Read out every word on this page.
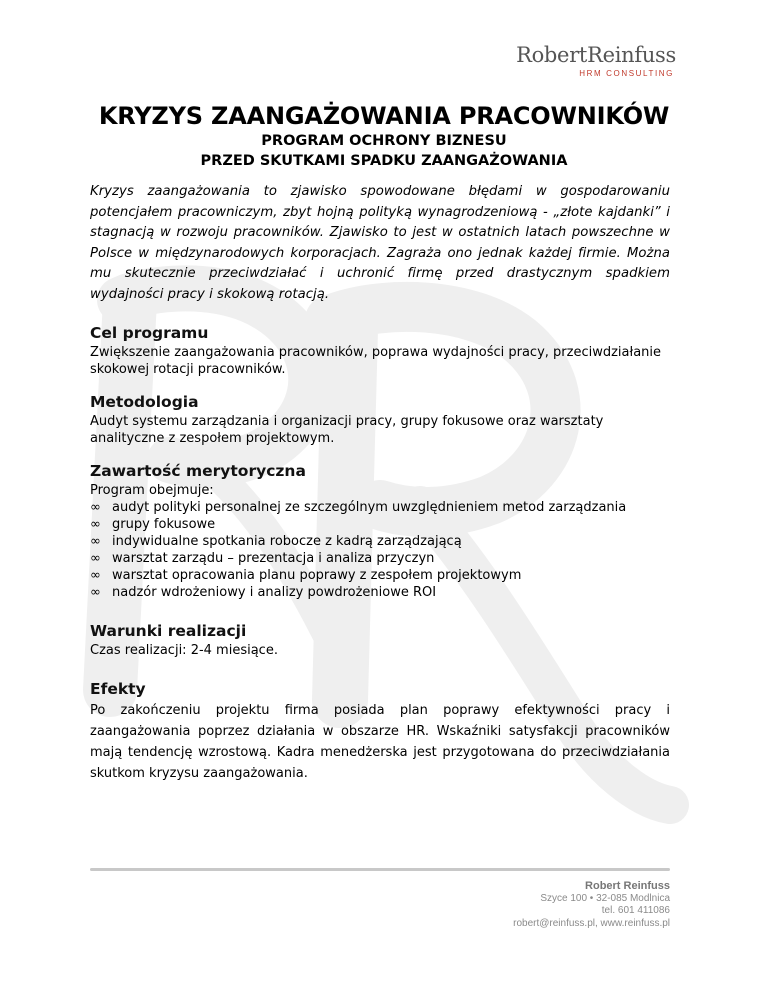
RobertReinfuss
HRM CONSULTING
KRYZYS ZAANGAŻOWANIA PRACOWNIKÓW
PROGRAM OCHRONY BIZNESU
PRZED SKUTKAMI SPADKU ZAANGAŻOWANIA

Kryzys zaangażowania to zjawisko spowodowane błędami w gospodarowaniu potencjałem pracowniczym, zbyt hojną polityką wynagrodzeniową - „złote kajdanki” i stagnacją w rozwoju pracowników. Zjawisko to jest w ostatnich latach powszechne w Polsce w międzynarodowych korporacjach. Zagraża ono jednak każdej firmie. Można mu skutecznie przeciwdziałać i uchronić firmę przed drastycznym spadkiem wydajności pracy i skokową rotacją.

Cel programu

Zwiększenie zaangażowania pracowników, poprawa wydajności pracy, przeciwdziałanie skokowej rotacji pracowników.

Metodologia

Audyt systemu zarządzania i organizacji pracy, grupy fokusowe oraz warsztaty analityczne z zespołem projektowym.

Zawartość merytoryczna

Program obejmuje:

∞ audyt polityki personalnej ze szczególnym uwzględnieniem metod zarządzania
∞ grupy fokusowe
∞ indywidualne spotkania robocze z kadrą zarządzającą
∞ warsztat zarządu – prezentacja i analiza przyczyn
∞ warsztat opracowania planu poprawy z zespołem projektowym
∞ nadzór wdrożeniowy i analizy powdrożeniowe ROI
Warunki realizacji

Czas realizacji: 2-4 miesiące.

Efekty

Po zakończeniu projektu firma posiada plan poprawy efektywności pracy i zaangażowania poprzez działania w obszarze HR. Wskaźniki satysfakcji pracowników mają tendencję wzrostową. Kadra menedżerska jest przygotowana do przeciwdziałania skutkom kryzysu zaangażowania.

Robert Reinfuss
Szyce 100 • 32-085 Modlnica
tel. 601 411086
robert@reinfuss.pl, www.reinfuss.pl
